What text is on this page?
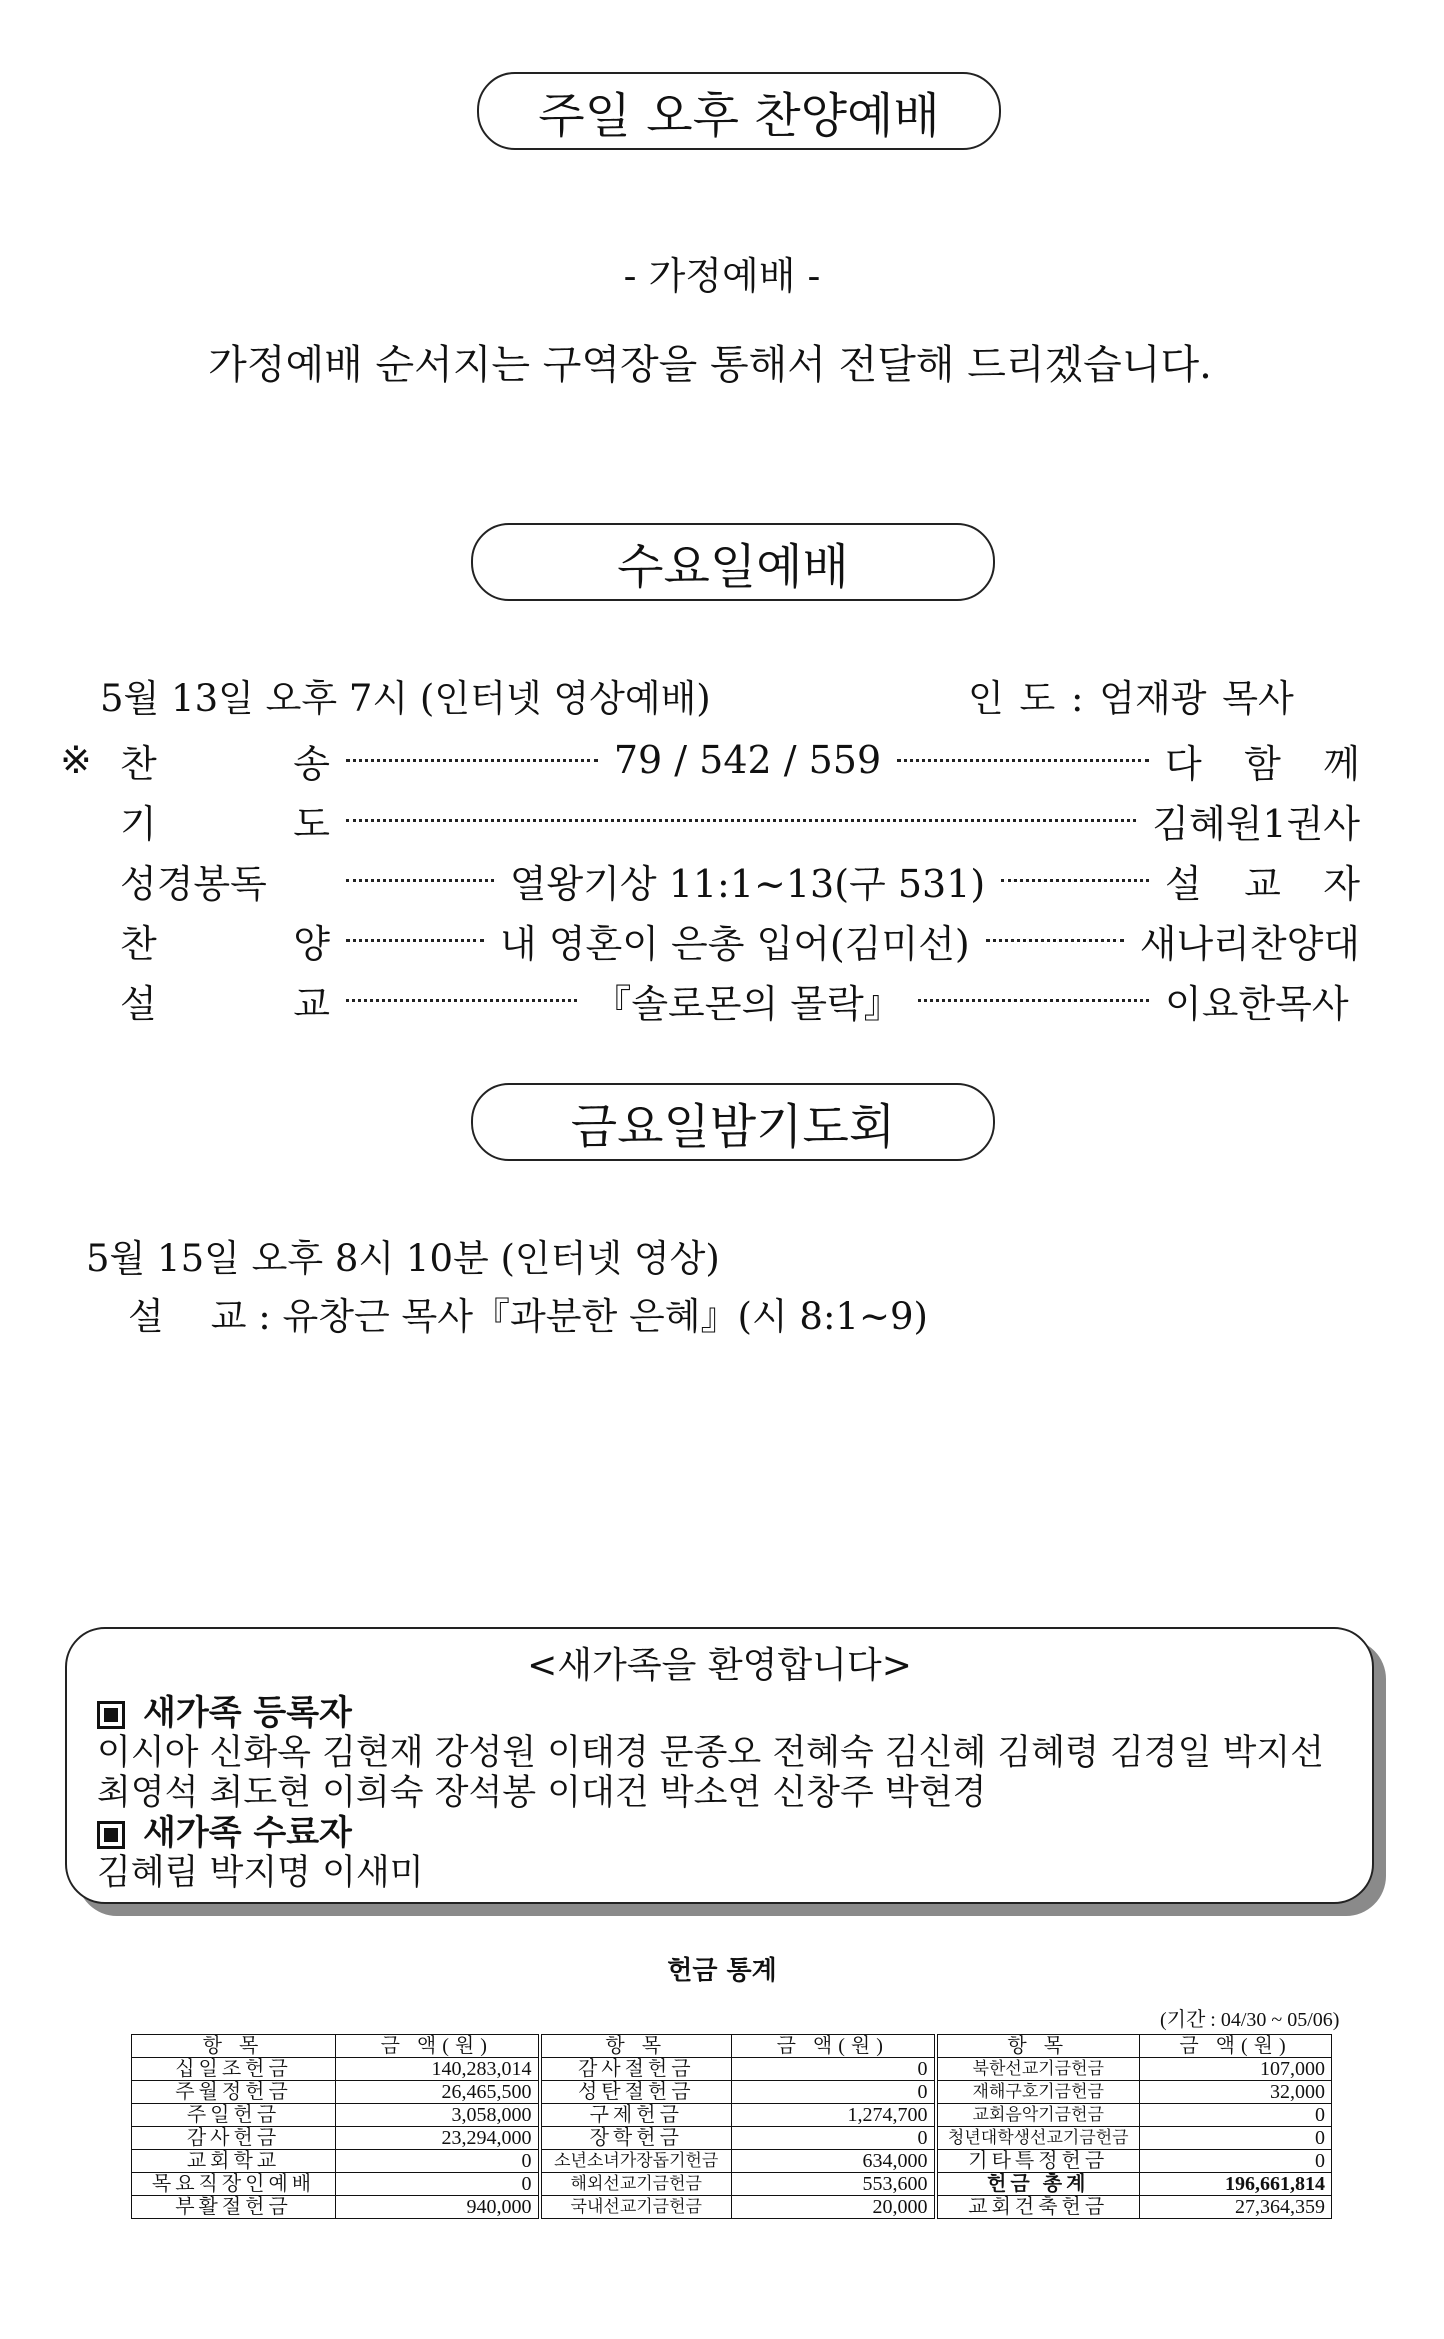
주일 오후 찬양예배
- 가정예배 -
가정예배 순서지는 구역장을 통해서 전달해 드리겠습니다.
수요일예배
5월 13일 오후 7시 (인터넷 영상예배)	인 도 : 엄재광 목사
※ 찬	송	79 / 542 / 559	다 함 께
기	도	김혜원1권사
성경봉독	열왕기상 11:1~13(구 531)	설 교 자
찬	양	내 영혼이 은총 입어(김미선)	새나리찬양대
설	교	『솔로몬의 몰락』	이요한목사
금요일밤기도회
5월 15일 오후 8시 10분 (인터넷 영상)
설    교 : 유창근 목사『과분한 은혜』(시 8:1~9)
<새가족을 환영합니다>
새가족 등록자
이시아 신화옥 김현재 강성원 이태경 문종오 전혜숙 김신혜 김혜령 김경일 박지선
최영석 최도현 이희숙 장석봉 이대건 박소연 신창주 박현경
새가족 수료자
김혜림 박지명 이새미
헌금 통계
(기간 : 04/30 ~ 05/06)
항 목	금 액(원)	항 목	금 액(원)	항 목	금 액(원)
십일조헌금	140,283,014	감사절헌금	0	북한선교기금헌금	107,000
주월정헌금	26,465,500	성탄절헌금	0	재해구호기금헌금	32,000
주일헌금	3,058,000	구제헌금	1,274,700	교회음악기금헌금	0
감사헌금	23,294,000	장학헌금	0	청년대학생선교기금헌금	0
교회학교	0	소년소녀가장돕기헌금	634,000	기타특정헌금	0
목요직장인예배	0	해외선교기금헌금	553,600	헌금 총계	196,661,814
부활절헌금	940,000	국내선교기금헌금	20,000	교회건축헌금	27,364,359
